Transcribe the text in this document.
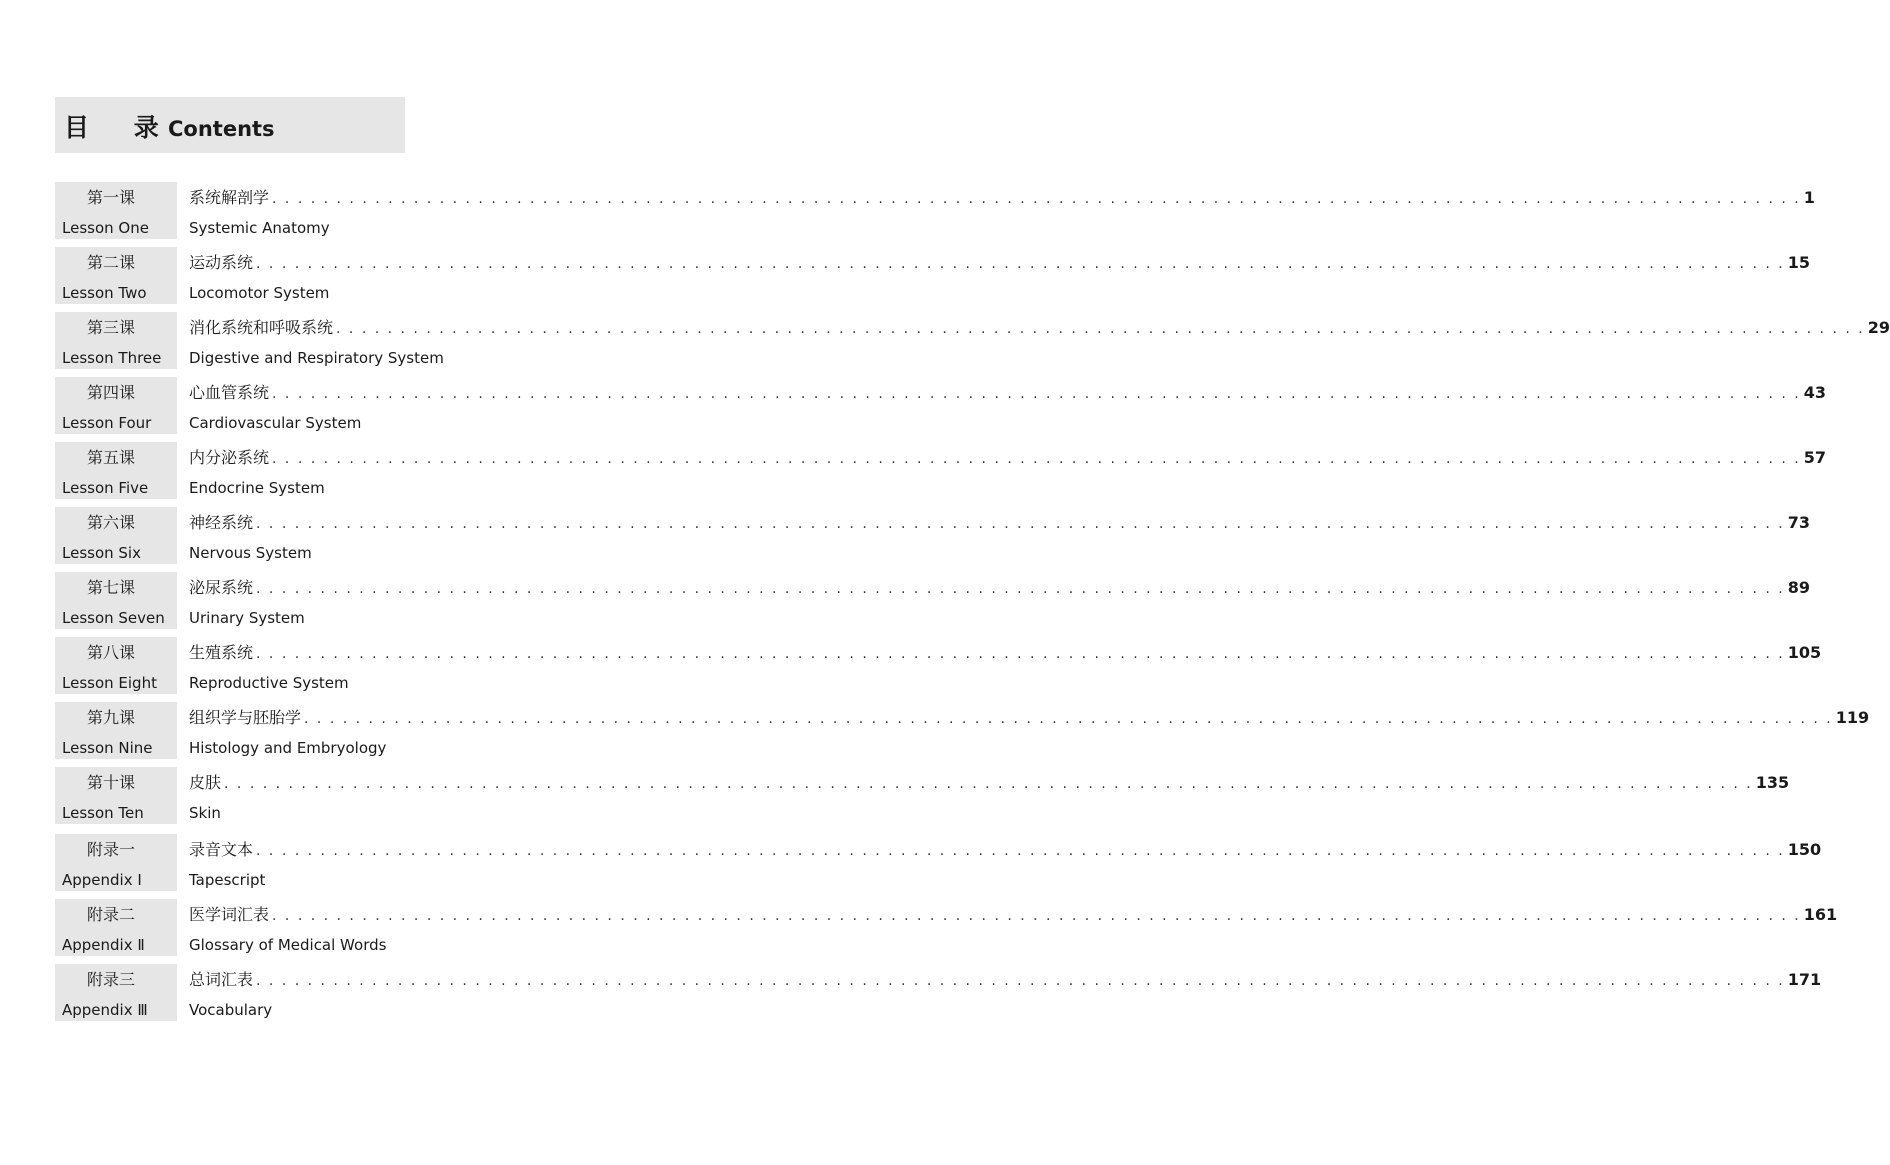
目 录
Contents
第一课
Lesson One
系统解剖学 . . . . . . . . . . . . . . . . . . . . . . . . . . . . . . . . . . . . . . . . . . . . . . . . . . . . . . . . . . . . . . . . . . . . . . . . . . . . . . . . . . . . . . . . . . . . . . . . . . . . . . . . . . . . . . . . . . . . . . . 1
Systemic Anatomy
第二课
Lesson Two
运动系统 . . . . . . . . . . . . . . . . . . . . . . . . . . . . . . . . . . . . . . . . . . . . . . . . . . . . . . . . . . . . . . . . . . . . . . . . . . . . . . . . . . . . . . . . . . . . . . . . . . . . . . . . . . . . . . . . . . . . . . . 15
Locomotor System
第三课
Lesson Three
消化系统和呼吸系统 . . . . . . . . . . . . . . . . . . . . . . . . . . . . . . . . . . . . . . . . . . . . . . . . . . . . . . . . . . . . . . . . . . . . . . . . . . . . . . . . . . . . . . . . . . . . . . . . . . . . . . . . . . . . . . . . . . . . . . . 29
Digestive and Respiratory System
第四课
Lesson Four
心血管系统 . . . . . . . . . . . . . . . . . . . . . . . . . . . . . . . . . . . . . . . . . . . . . . . . . . . . . . . . . . . . . . . . . . . . . . . . . . . . . . . . . . . . . . . . . . . . . . . . . . . . . . . . . . . . . . . . . . . . . . . 43
Cardiovascular System
第五课
Lesson Five
内分泌系统 . . . . . . . . . . . . . . . . . . . . . . . . . . . . . . . . . . . . . . . . . . . . . . . . . . . . . . . . . . . . . . . . . . . . . . . . . . . . . . . . . . . . . . . . . . . . . . . . . . . . . . . . . . . . . . . . . . . . . . . 57
Endocrine System
第六课
Lesson Six
神经系统 . . . . . . . . . . . . . . . . . . . . . . . . . . . . . . . . . . . . . . . . . . . . . . . . . . . . . . . . . . . . . . . . . . . . . . . . . . . . . . . . . . . . . . . . . . . . . . . . . . . . . . . . . . . . . . . . . . . . . . . 73
Nervous System
第七课
Lesson Seven
泌尿系统 . . . . . . . . . . . . . . . . . . . . . . . . . . . . . . . . . . . . . . . . . . . . . . . . . . . . . . . . . . . . . . . . . . . . . . . . . . . . . . . . . . . . . . . . . . . . . . . . . . . . . . . . . . . . . . . . . . . . . . . 89
Urinary System
第八课
Lesson Eight
生殖系统 . . . . . . . . . . . . . . . . . . . . . . . . . . . . . . . . . . . . . . . . . . . . . . . . . . . . . . . . . . . . . . . . . . . . . . . . . . . . . . . . . . . . . . . . . . . . . . . . . . . . . . . . . . . . . . . . . . . . . . . 105
Reproductive System
第九课
Lesson Nine
组织学与胚胎学 . . . . . . . . . . . . . . . . . . . . . . . . . . . . . . . . . . . . . . . . . . . . . . . . . . . . . . . . . . . . . . . . . . . . . . . . . . . . . . . . . . . . . . . . . . . . . . . . . . . . . . . . . . . . . . . . . . . . . . . 119
Histology and Embryology
第十课
Lesson Ten
皮肤 . . . . . . . . . . . . . . . . . . . . . . . . . . . . . . . . . . . . . . . . . . . . . . . . . . . . . . . . . . . . . . . . . . . . . . . . . . . . . . . . . . . . . . . . . . . . . . . . . . . . . . . . . . . . . . . . . . . . . . . 135
Skin
附录一
Appendix Ⅰ
录音文本 . . . . . . . . . . . . . . . . . . . . . . . . . . . . . . . . . . . . . . . . . . . . . . . . . . . . . . . . . . . . . . . . . . . . . . . . . . . . . . . . . . . . . . . . . . . . . . . . . . . . . . . . . . . . . . . . . . . . . . . 150
Tapescript
附录二
Appendix Ⅱ
医学词汇表 . . . . . . . . . . . . . . . . . . . . . . . . . . . . . . . . . . . . . . . . . . . . . . . . . . . . . . . . . . . . . . . . . . . . . . . . . . . . . . . . . . . . . . . . . . . . . . . . . . . . . . . . . . . . . . . . . . . . . . . 161
Glossary of Medical Words
附录三
Appendix Ⅲ
总词汇表 . . . . . . . . . . . . . . . . . . . . . . . . . . . . . . . . . . . . . . . . . . . . . . . . . . . . . . . . . . . . . . . . . . . . . . . . . . . . . . . . . . . . . . . . . . . . . . . . . . . . . . . . . . . . . . . . . . . . . . . 171
Vocabulary
